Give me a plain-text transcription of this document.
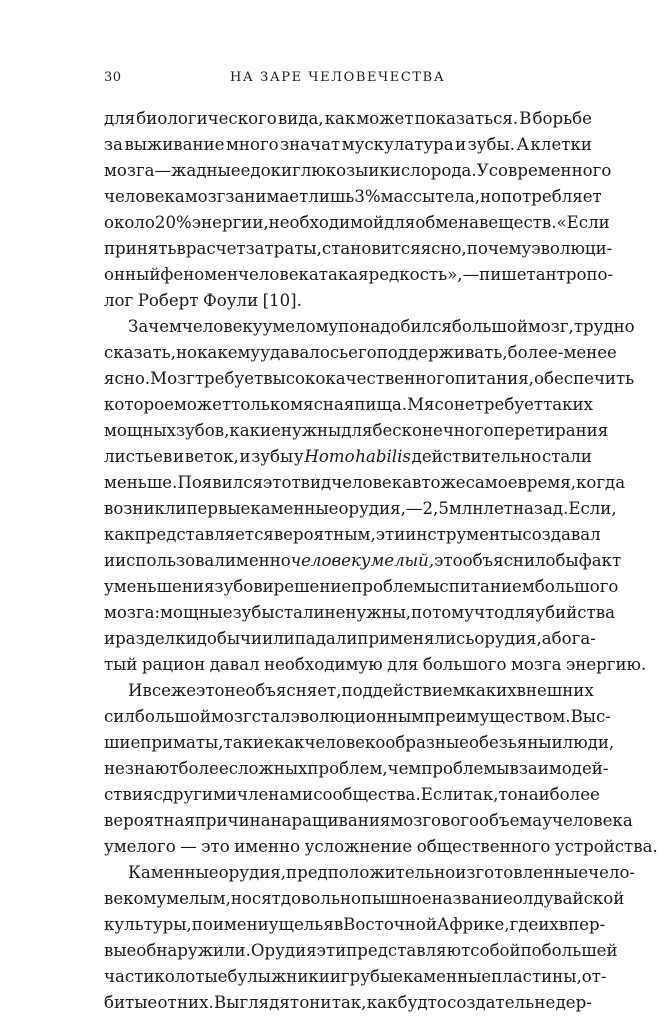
30	НА ЗАРЕ ЧЕЛОВЕЧЕСТВА
для биологического вида, как может показаться. В борьбе
за выживание много значат мускулатура и зубы. А клетки
мозга — жадные едоки глюкозы и кислорода. У современного
человека мозг занимает лишь 3% массы тела, но потребляет
около 20% энергии, необходимой для обмена веществ. «Если
принять в расчет затраты, становится ясно, почему эволюци-
онный феномен человека такая редкость», — пишет антропо-
лог Роберт Фоули [10].
Зачем человеку умелому понадобился большой мозг, трудно
сказать, но как ему удавалось его поддерживать, более-менее
ясно. Мозг требует высококачественного питания, обеспечить
которое может только мясная пища. Мясо не требует таких
мощных зубов, какие нужны для бесконечного перетирания
листьев и веток, и зубы у Homo habilis действительно стали
меньше. Появился этот вид человека в то же самое время, когда
возникли первые каменные орудия, — 2,5 млн лет назад. Если,
как представляется вероятным, эти инструменты создавал
и использовал именно человек умелый, это объяснило бы факт
уменьшения зубов и решение проблемы с питанием большого
мозга: мощные зубы стали не нужны, потому что для убийства
и разделки добычи или падали применялись орудия, а бога-
тый рацион давал необходимую для большого мозга энергию.
И все же это не объясняет, под действием каких внешних
сил большой мозг стал эволюционным преимуществом. Выс-
шие приматы, такие как человекообразные обезьяны и люди,
не знают более сложных проблем, чем проблемы взаимодей-
ствия с другими членами сообщества. Если так, то наиболее
вероятная причина наращивания мозгового объема у человека
умелого — это именно усложнение общественного устройства.
Каменные орудия, предположительно изготовленные чело-
веком умелым, носят довольно пышное название олдувайской
культуры, по имени ущелья в Восточной Африке, где их впер-
вые обнаружили. Орудия эти представляют собой по большей
части колотые булыжники и грубые каменные пластины, от-
битые от них. Выглядят они так, как будто создатель не дер-
